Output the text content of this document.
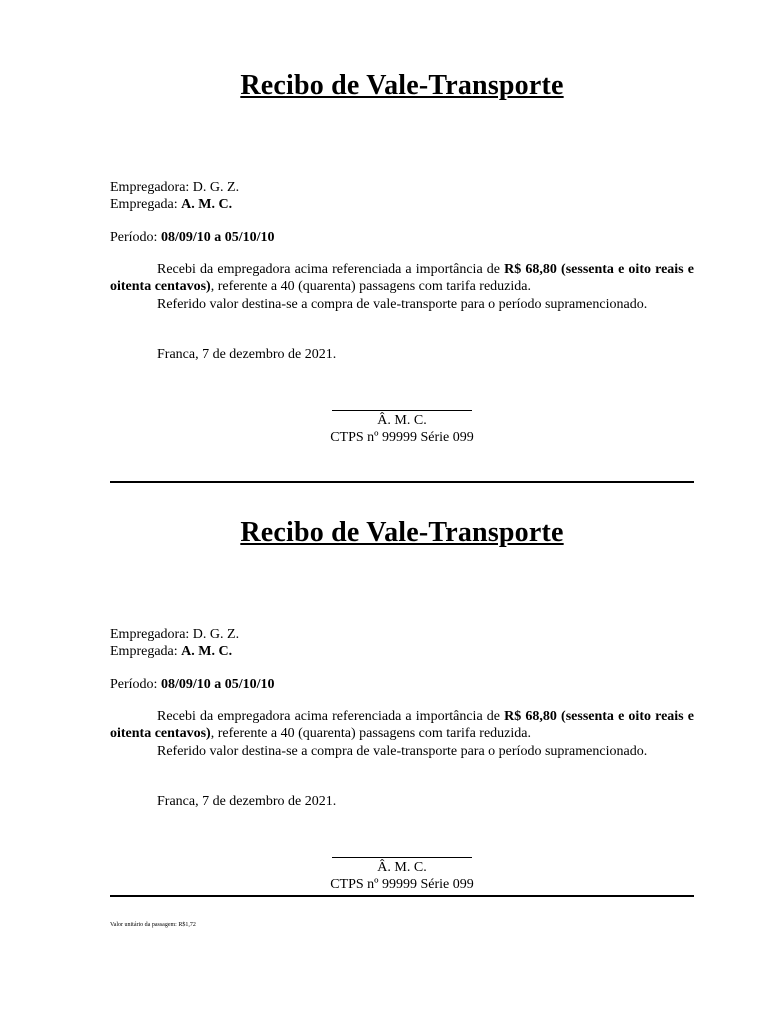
Recibo de Vale-Transporte
Empregadora: D. G. Z.
Empregada: A. M. C.
Período: 08/09/10 a 05/10/10

Recebi da empregadora acima referenciada a importância de R$ 68,80 (sessenta e oito reais e oitenta centavos), referente a 40 (quarenta) passagens com tarifa reduzida.

Referido valor destina-se a compra de vale-transporte para o período supramencionado.

Franca, 7 de dezembro de 2021.
Â. M. C.
CTPS nº 99999 Série 099
Recibo de Vale-Transporte
Empregadora: D. G. Z.
Empregada: A. M. C.
Período: 08/09/10 a 05/10/10

Recebi da empregadora acima referenciada a importância de R$ 68,80 (sessenta e oito reais e oitenta centavos), referente a 40 (quarenta) passagens com tarifa reduzida.

Referido valor destina-se a compra de vale-transporte para o período supramencionado.

Franca, 7 de dezembro de 2021.
Â. M. C.
CTPS nº 99999 Série 099
Valor unitário da passagem: R$1,72
